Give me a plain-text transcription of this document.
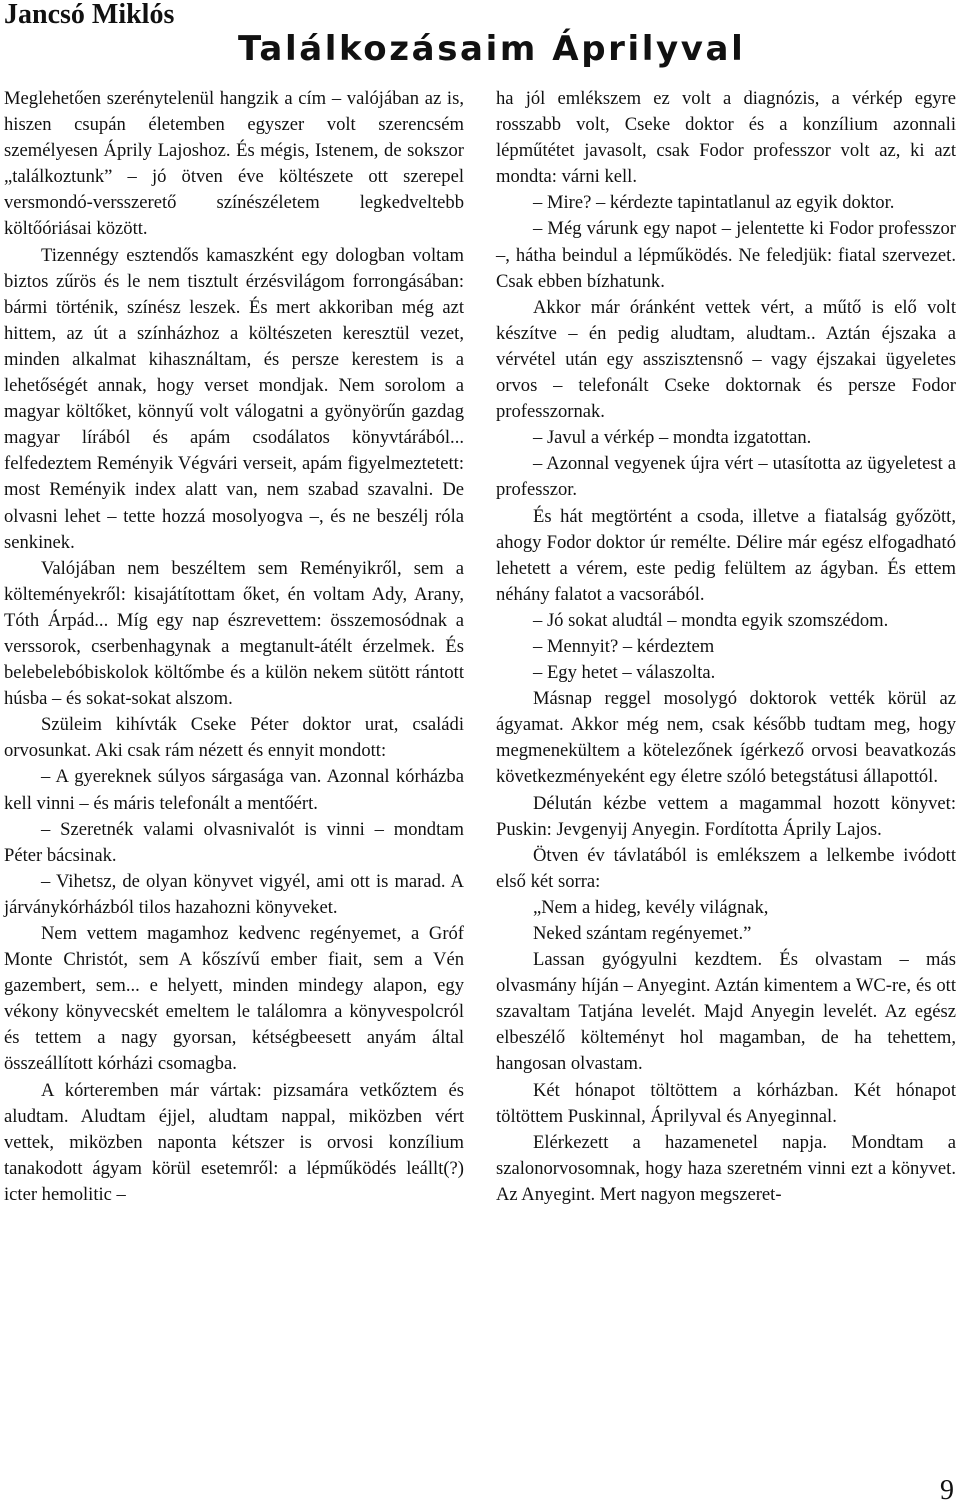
Jancsó Miklós
Találkozásaim Áprilyval

Meglehetően szerénytelenül hangzik a cím – valójában az is, hiszen csupán életemben egyszer volt szerencsém személyesen Áprily Lajoshoz. És mégis, Istenem, de sokszor „találkoztunk” – jó ötven éve költészete ott szerepel versmondó-versszerető színészéletem legkedveltebb költőóriásai között.

Tizennégy esztendős kamaszként egy dologban voltam biztos zűrös és le nem tisztult érzésvilágom forrongásában: bármi történik, színész leszek. És mert akkoriban még azt hittem, az út a színházhoz a költészeten keresztül vezet, minden alkalmat kihasználtam, és persze kerestem is a lehetőségét annak, hogy verset mondjak. Nem sorolom a magyar költőket, könnyű volt válogatni a gyönyörűn gazdag magyar lírából és apám csodálatos könyvtárából... felfedeztem Reményik Végvári verseit, apám figyelmeztetett: most Reményik index alatt van, nem szabad szavalni. De olvasni lehet – tette hozzá mosolyogva –, és ne beszélj róla senkinek.

Valójában nem beszéltem sem Reményikről, sem a költeményekről: kisajátítottam őket, én voltam Ady, Arany, Tóth Árpád... Míg egy nap észrevettem: összemosódnak a verssorok, cserbenhagynak a megtanult-átélt érzelmek. És belebelebóbiskolok költőmbe és a külön nekem sütött rántott húsba – és sokat-sokat alszom.

Szüleim kihívták Cseke Péter doktor urat, családi orvosunkat. Aki csak rám nézett és ennyit mondott:

– A gyereknek súlyos sárgasága van. Azonnal kórházba kell vinni – és máris telefonált a mentőért.

– Szeretnék valami olvasnivalót is vinni – mondtam Péter bácsinak.

– Vihetsz, de olyan könyvet vigyél, ami ott is marad. A járványkórházból tilos hazahozni könyveket.

Nem vettem magamhoz kedvenc regényemet, a Gróf Monte Christót, sem A kőszívű ember fiait, sem a Vén gazembert, sem... e helyett, minden mindegy alapon, egy vékony könyvecskét emeltem le találomra a könyvespolcról és tettem a nagy gyorsan, kétségbeesett anyám által összeállított kórházi csomagba.

A kórteremben már vártak: pizsamára vetkőztem és aludtam. Aludtam éjjel, aludtam nappal, miközben vért vettek, miközben naponta kétszer is orvosi konzílium tanakodott ágyam körül esetemről: a lépműködés leállt(?) icter hemolitic –

ha jól emlékszem ez volt a diagnózis, a vérkép egyre rosszabb volt, Cseke doktor és a konzílium azonnali lépműtétet javasolt, csak Fodor professzor volt az, ki azt mondta: várni kell.

– Mire? – kérdezte tapintatlanul az egyik doktor.

– Még várunk egy napot – jelentette ki Fodor professzor –, hátha beindul a lépműködés. Ne feledjük: fiatal szervezet. Csak ebben bízhatunk.

Akkor már óránként vettek vért, a műtő is elő volt készítve – én pedig aludtam, aludtam.. Aztán éjszaka a vérvétel után egy asszisztensnő – vagy éjszakai ügyeletes orvos – telefonált Cseke doktornak és persze Fodor professzornak.

– Javul a vérkép – mondta izgatottan.

– Azonnal vegyenek újra vért – utasította az ügyeletest a professzor.

És hát megtörtént a csoda, illetve a fiatalság győzött, ahogy Fodor doktor úr remélte. Délire már egész elfogadható lehetett a vérem, este pedig felültem az ágyban. És ettem néhány falatot a vacsorából.

– Jó sokat aludtál – mondta egyik szomszédom.

– Mennyit? – kérdeztem

– Egy hetet – válaszolta.

Másnap reggel mosolygó doktorok vették körül az ágyamat. Akkor még nem, csak később tudtam meg, hogy megmenekültem a kötelezőnek ígérkező orvosi beavatkozás következményeként egy életre szóló betegstátusi állapottól.

Délután kézbe vettem a magammal hozott könyvet: Puskin: Jevgenyij Anyegin. Fordította Áprily Lajos.

Ötven év távlatából is emlékszem a lelkembe ivódott első két sorra:

„Nem a hideg, kevély világnak,

Neked szántam regényemet.”

Lassan gyógyulni kezdtem. És olvastam – más olvasmány híján – Anyegint. Aztán kimentem a WC-re, és ott szavaltam Tatjána levelét. Majd Anyegin levelét. Az egész elbeszélő költeményt hol magamban, de ha tehettem, hangosan olvastam.

Két hónapot töltöttem a kórházban. Két hónapot töltöttem Puskinnal, Áprilyval és Anyeginnal.

Elérkezett a hazamenetel napja. Mondtam a szalonorvosomnak, hogy haza szeretném vinni ezt a könyvet. Az Anyegint. Mert nagyon megszeret-

9
